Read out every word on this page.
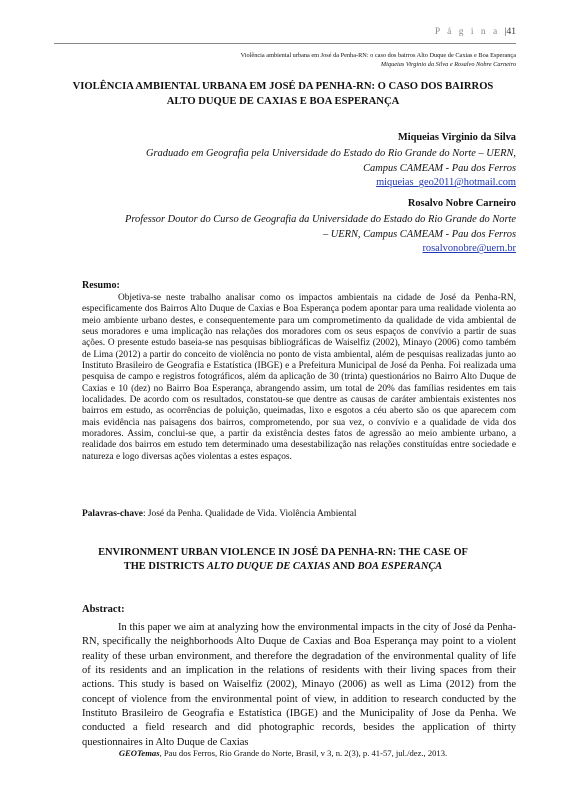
P á g i n a |41
Violência ambiental urbana em José da Penha-RN: o caso dos bairros Alto Duque de Caxias e Boa Esperança
Miqueias Virginio da Silva e Rosalvo Nobre Carneiro
VIOLÊNCIA AMBIENTAL URBANA EM JOSÉ DA PENHA-RN: O CASO DOS BAIRROS ALTO DUQUE DE CAXIAS E BOA ESPERANÇA
Miqueias Virginio da Silva
Graduado em Geografia pela Universidade do Estado do Rio Grande do Norte – UERN,
Campus CAMEAM - Pau dos Ferros
miqueias_geo2011@hotmail.com
Rosalvo Nobre Carneiro
Professor Doutor do Curso de Geografia da Universidade do Estado do Rio Grande do Norte
– UERN, Campus CAMEAM - Pau dos Ferros
rosalvonobre@uern.br
Resumo:

Objetiva-se neste trabalho analisar como os impactos ambientais na cidade de José da Penha-RN, especificamente dos Bairros Alto Duque de Caxias e Boa Esperança podem apontar para uma realidade violenta ao meio ambiente urbano destes, e consequentemente para um comprometimento da qualidade de vida ambiental de seus moradores e uma implicação nas relações dos moradores com os seus espaços de convívio a partir de suas ações. O presente estudo baseia-se nas pesquisas bibliográficas de Waiselfiz (2002), Minayo (2006) como também de Lima (2012) a partir do conceito de violência no ponto de vista ambiental, além de pesquisas realizadas junto ao Instituto Brasileiro de Geografia e Estatística (IBGE) e a Prefeitura Municipal de José da Penha. Foi realizada uma pesquisa de campo e registros fotográficos, além da aplicação de 30 (trinta) questionários no Bairro Alto Duque de Caxias e 10 (dez) no Bairro Boa Esperança, abrangendo assim, um total de 20% das famílias residentes em tais localidades. De acordo com os resultados, constatou-se que dentre as causas de caráter ambientais existentes nos bairros em estudo, as ocorrências de poluição, queimadas, lixo e esgotos a céu aberto são os que aparecem com mais evidência nas paisagens dos bairros, comprometendo, por sua vez, o convívio e a qualidade de vida dos moradores. Assim, conclui-se que, a partir da existência destes fatos de agressão ao meio ambiente urbano, a realidade dos bairros em estudo tem determinado uma desestabilização nas relações constituídas entre sociedade e natureza e logo diversas ações violentas a estes espaços.

Palavras-chave: José da Penha. Qualidade de Vida. Violência Ambiental
ENVIRONMENT URBAN VIOLENCE IN JOSÉ DA PENHA-RN: THE CASE OF
THE DISTRICTS ALTO DUQUE DE CAXIAS AND BOA ESPERANÇA
Abstract:

In this paper we aim at analyzing how the environmental impacts in the city of José da Penha-RN, specifically the neighborhoods Alto Duque de Caxias and Boa Esperança may point to a violent reality of these urban environment, and therefore the degradation of the environmental quality of life of its residents and an implication in the relations of residents with their living spaces from their actions. This study is based on Waiselfiz (2002), Minayo (2006) as well as Lima (2012) from the concept of violence from the environmental point of view, in addition to research conducted by the Instituto Brasileiro de Geografia e Estatística (IBGE) and the Municipality of Jose da Penha. We conducted a field research and did photographic records, besides the application of thirty questionnaires in Alto Duque de Caxias

GEOTemas, Pau dos Ferros, Rio Grande do Norte, Brasil, v 3, n. 2(3), p. 41-57, jul./dez., 2013.
